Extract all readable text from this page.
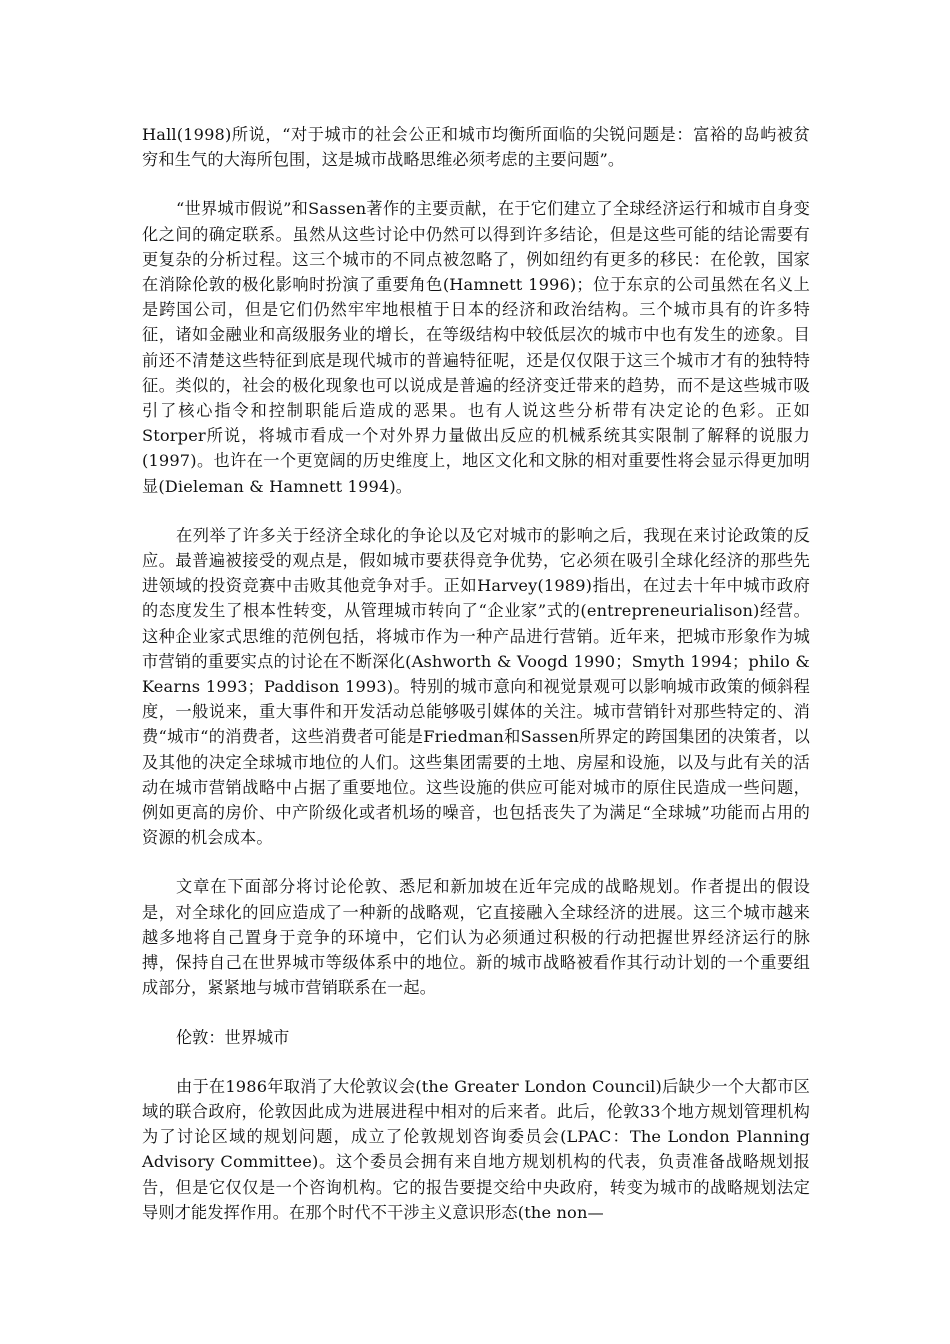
Hall(1998)所说，“对于城市的社会公正和城市均衡所面临的尖锐问题是：富裕的岛屿被贫穷和生气的大海所包围，这是城市战略思维必须考虑的主要问题”。

“世界城市假说”和Sassen著作的主要贡献，在于它们建立了全球经济运行和城市自身变化之间的确定联系。虽然从这些讨论中仍然可以得到许多结论，但是这些可能的结论需要有更复杂的分析过程。这三个城市的不同点被忽略了，例如纽约有更多的移民：在伦敦，国家在消除伦敦的极化影响时扮演了重要角色(Hamnett 1996)；位于东京的公司虽然在名义上是跨国公司，但是它们仍然牢牢地根植于日本的经济和政治结构。三个城市具有的许多特征，诸如金融业和高级服务业的增长，在等级结构中较低层次的城市中也有发生的迹象。目前还不清楚这些特征到底是现代城市的普遍特征呢，还是仅仅限于这三个城市才有的独特特征。类似的，社会的极化现象也可以说成是普遍的经济变迁带来的趋势，而不是这些城市吸引了核心指令和控制职能后造成的恶果。也有人说这些分析带有决定论的色彩。正如Storper所说，将城市看成一个对外界力量做出反应的机械系统其实限制了解释的说服力(1997)。也许在一个更宽阔的历史维度上，地区文化和文脉的相对重要性将会显示得更加明显(Dieleman & Hamnett 1994)。

在列举了许多关于经济全球化的争论以及它对城市的影响之后，我现在来讨论政策的反应。最普遍被接受的观点是，假如城市要获得竞争优势，它必须在吸引全球化经济的那些先进领域的投资竞赛中击败其他竞争对手。正如Harvey(1989)指出，在过去十年中城市政府的态度发生了根本性转变，从管理城市转向了“企业家”式的(entrepreneurialison)经营。这种企业家式思维的范例包括，将城市作为一种产品进行营销。近年来，把城市形象作为城市营销的重要实点的讨论在不断深化(Ashworth & Voogd 1990；Smyth 1994；philo & Kearns 1993；Paddison 1993)。特别的城市意向和视觉景观可以影响城市政策的倾斜程度，一般说来，重大事件和开发活动总能够吸引媒体的关注。城市营销针对那些特定的、消费“城市“的消费者，这些消费者可能是Friedman和Sassen所界定的跨国集团的决策者，以及其他的决定全球城市地位的人们。这些集团需要的土地、房屋和设施，以及与此有关的活动在城市营销战略中占据了重要地位。这些设施的供应可能对城市的原住民造成一些问题，例如更高的房价、中产阶级化或者机场的噪音，也包括丧失了为满足“全球城”功能而占用的资源的机会成本。

文章在下面部分将讨论伦敦、悉尼和新加坡在近年完成的战略规划。作者提出的假设是，对全球化的回应造成了一种新的战略观，它直接融入全球经济的进展。这三个城市越来越多地将自己置身于竞争的环境中，它们认为必须通过积极的行动把握世界经济运行的脉搏，保持自己在世界城市等级体系中的地位。新的城市战略被看作其行动计划的一个重要组成部分，紧紧地与城市营销联系在一起。

伦敦：世界城市

由于在1986年取消了大伦敦议会(the Greater London Council)后缺少一个大都市区域的联合政府，伦敦因此成为进展进程中相对的后来者。此后，伦敦33个地方规划管理机构为了讨论区域的规划问题，成立了伦敦规划咨询委员会(LPAC：The London Planning Advisory Committee)。这个委员会拥有来自地方规划机构的代表，负责准备战略规划报告，但是它仅仅是一个咨询机构。它的报告要提交给中央政府，转变为城市的战略规划法定导则才能发挥作用。在那个时代不干涉主义意识形态(the non—
